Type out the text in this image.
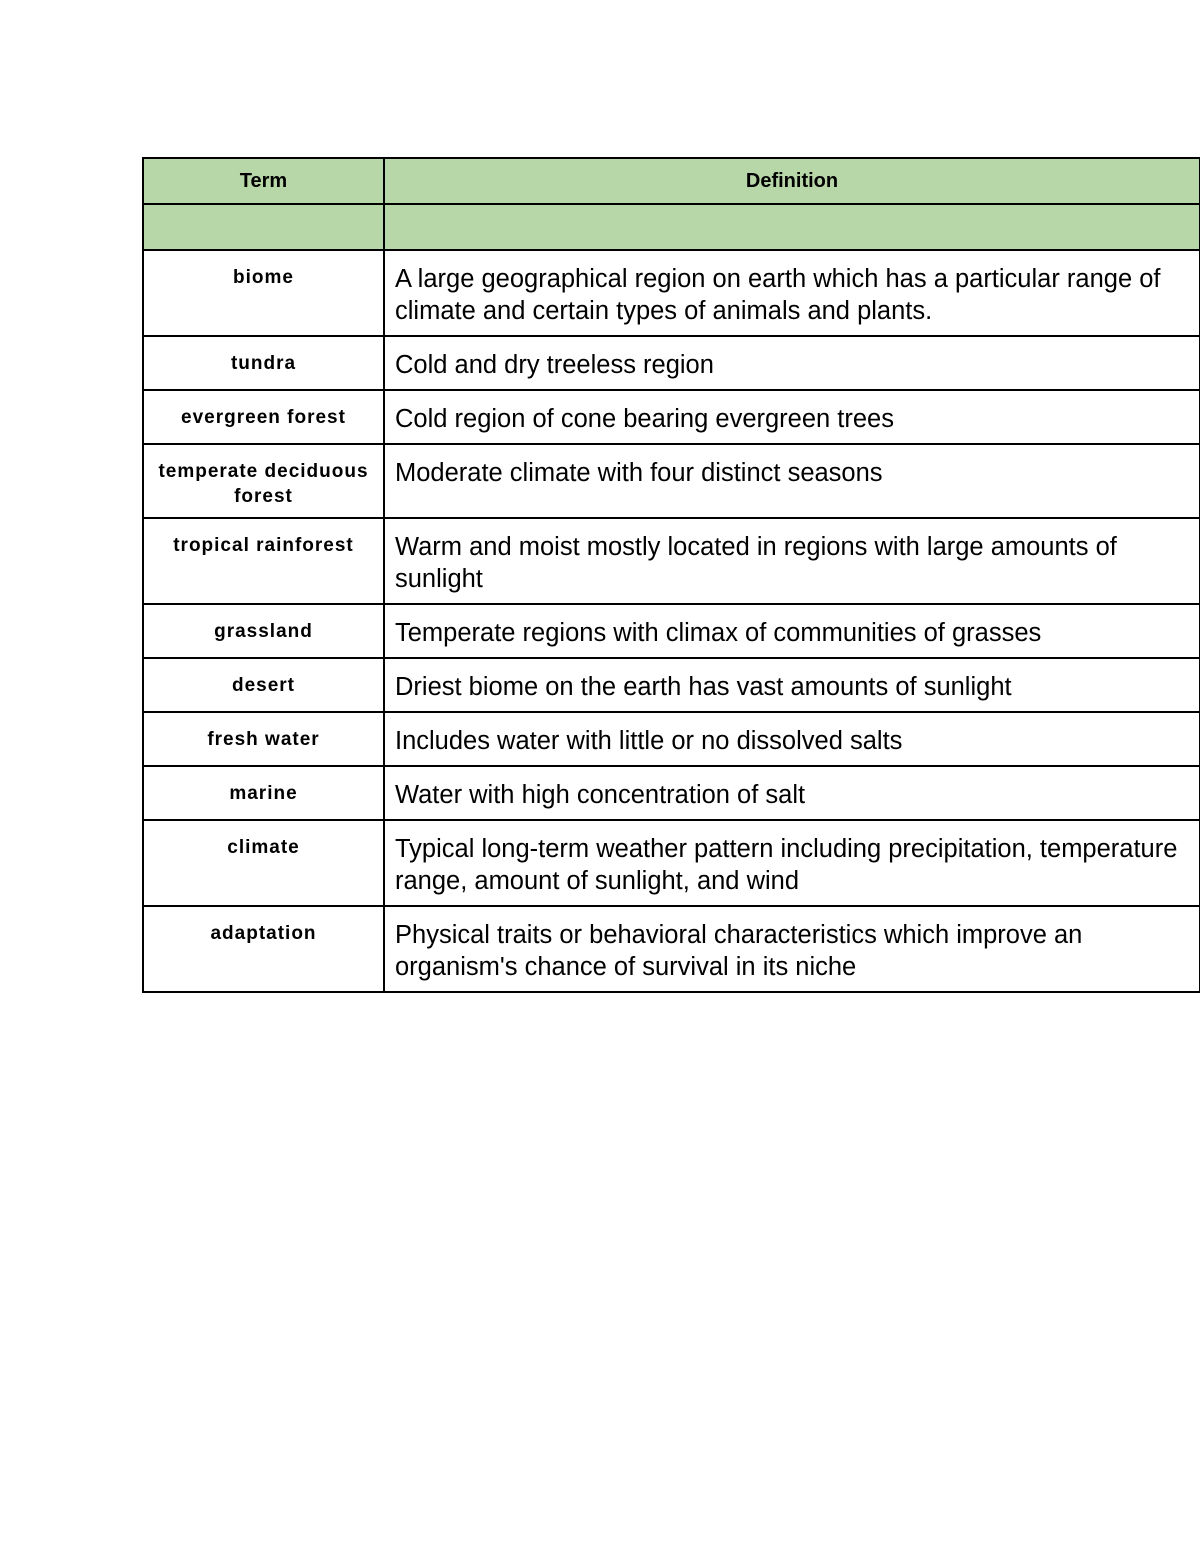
Term	Definition

biome	A large geographical region on earth which has a particular range of climate and certain types of animals and plants.
tundra	Cold and dry treeless region
evergreen forest	Cold region of cone bearing evergreen trees
temperate deciduous forest	Moderate climate with four distinct seasons
tropical rainforest	Warm and moist mostly located in regions with large amounts of sunlight
grassland	Temperate regions with climax of communities of grasses
desert	Driest biome on the earth has vast amounts of sunlight
fresh water	Includes water with little or no dissolved salts
marine	Water with high concentration of salt
climate	Typical long-term weather pattern including precipitation, temperature range, amount of sunlight, and wind
adaptation	Physical traits or behavioral characteristics which improve an organism's chance of survival in its niche
